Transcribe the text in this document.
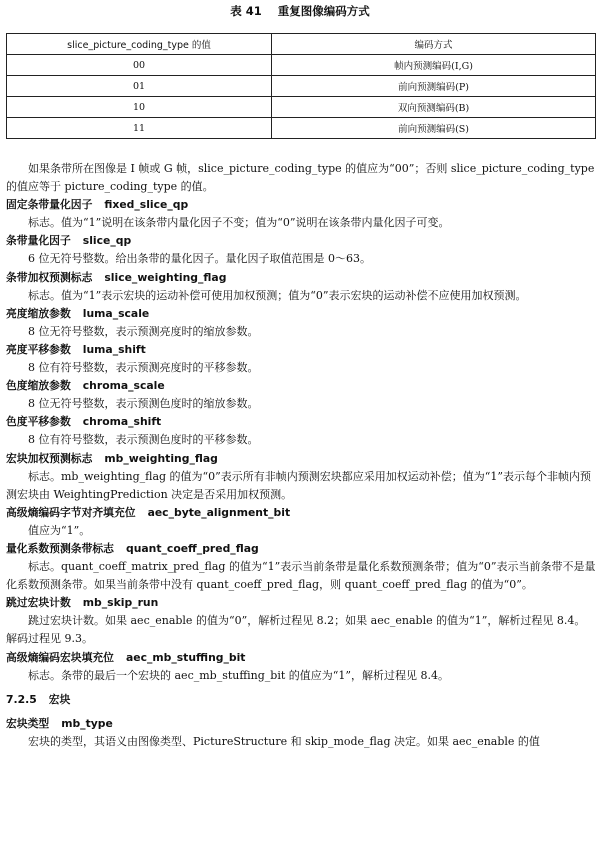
表 41 重复图像编码方式
slice_picture_coding_type 的值	编码方式
00	帧内预测编码(I,G)
01	前向预测编码(P)
10	双向预测编码(B)
11	前向预测编码(S)

如果条带所在图像是 I 帧或 G 帧，slice_picture_coding_type 的值应为“00”；否则 slice_picture_coding_type 的值应等于 picture_coding_type 的值。

固定条带量化因子 fixed_slice_qp

标志。值为“1”说明在该条带内量化因子不变；值为“0”说明在该条带内量化因子可变。

条带量化因子 slice_qp

6 位无符号整数。给出条带的量化因子。量化因子取值范围是 0～63。

条带加权预测标志 slice_weighting_flag

标志。值为“1”表示宏块的运动补偿可使用加权预测；值为“0”表示宏块的运动补偿不应使用加权预测。

亮度缩放参数 luma_scale

8 位无符号整数，表示预测亮度时的缩放参数。

亮度平移参数 luma_shift

8 位有符号整数，表示预测亮度时的平移参数。

色度缩放参数 chroma_scale

8 位无符号整数，表示预测色度时的缩放参数。

色度平移参数 chroma_shift

8 位有符号整数，表示预测色度时的平移参数。

宏块加权预测标志 mb_weighting_flag

标志。mb_weighting_flag 的值为“0”表示所有非帧内预测宏块都应采用加权运动补偿；值为“1”表示每个非帧内预测宏块由 WeightingPrediction 决定是否采用加权预测。

高级熵编码字节对齐填充位 aec_byte_alignment_bit

值应为“1”。

量化系数预测条带标志 quant_coeff_pred_flag

标志。quant_coeff_matrix_pred_flag 的值为“1”表示当前条带是量化系数预测条带；值为“0”表示当前条带不是量化系数预测条带。如果当前条带中没有 quant_coeff_pred_flag，则 quant_coeff_pred_flag 的值为“0”。

跳过宏块计数 mb_skip_run

跳过宏块计数。如果 aec_enable 的值为“0”，解析过程见 8.2；如果 aec_enable 的值为“1”，解析过程见 8.4。解码过程见 9.3。

高级熵编码宏块填充位 aec_mb_stuffing_bit

标志。条带的最后一个宏块的 aec_mb_stuffing_bit 的值应为“1”，解析过程见 8.4。

7.2.5 宏块

宏块类型 mb_type

宏块的类型，其语义由图像类型、PictureStructure 和 skip_mode_flag 决定。如果 aec_enable 的值
